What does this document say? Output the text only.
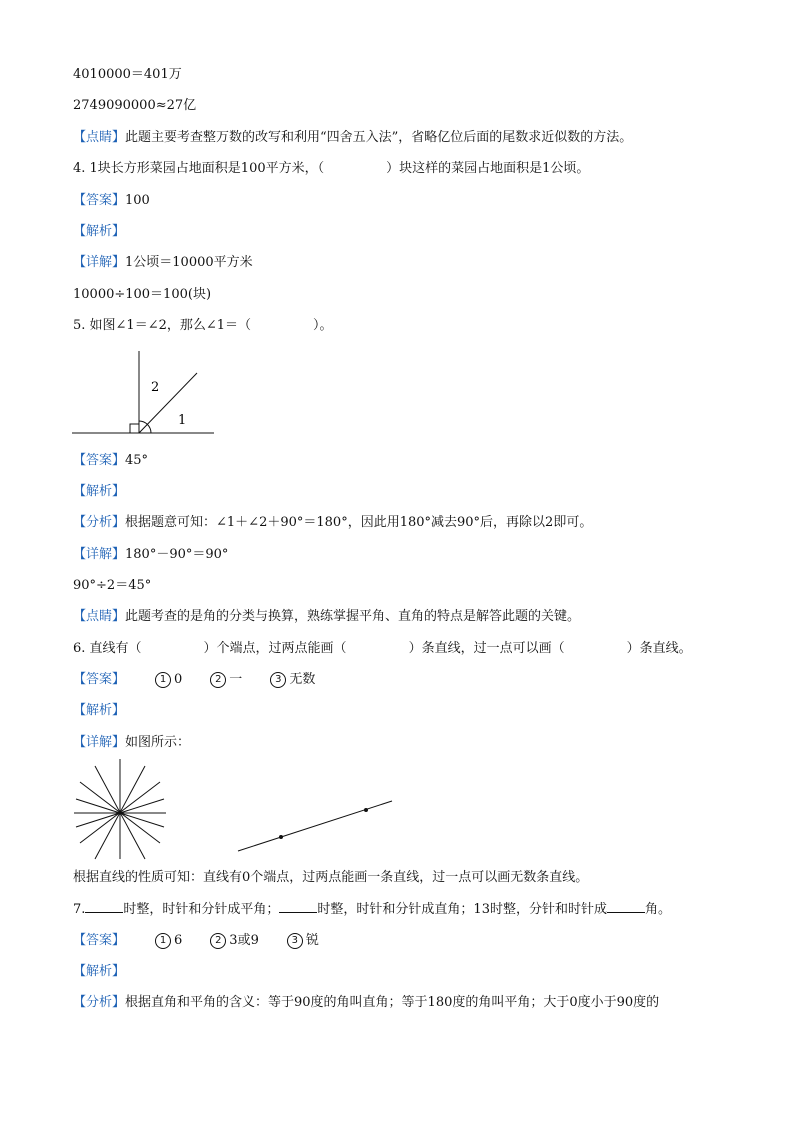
4010000＝401万
2749090000≈27亿
【点睛】此题主要考查整万数的改写和利用“四舍五入法”，省略亿位后面的尾数求近似数的方法。
4. 1块长方形菜园占地面积是100平方米，（	）块这样的菜园占地面积是1公顷。
【答案】100
【解析】
【详解】1公顷＝10000平方米
10000÷100＝100(块)
5. 如图∠1＝∠2，那么∠1＝（	）。
2
1
【答案】45°
【解析】
【分析】根据题意可知：∠1＋∠2＋90°＝180°，因此用180°减去90°后，再除以2即可。
【详解】180°－90°＝90°
90°÷2＝45°
【点睛】此题考查的是角的分类与换算，熟练掌握平角、直角的特点是解答此题的关键。
6. 直线有（	）个端点，过两点能画（	）条直线，过一点可以画（	）条直线。
【答案】	1 0	2 一	3 无数
【解析】
【详解】如图所示：
根据直线的性质可知：直线有0个端点，过两点能画一条直线，过一点可以画无数条直线。
7.	时整，时针和分针成平角；	时整，时针和分针成直角；13时整，分针和时针成	角。
【答案】	1 6	2 3或9	3 锐
【解析】
【分析】根据直角和平角的含义：等于90度的角叫直角；等于180度的角叫平角；大于0度小于90度的
